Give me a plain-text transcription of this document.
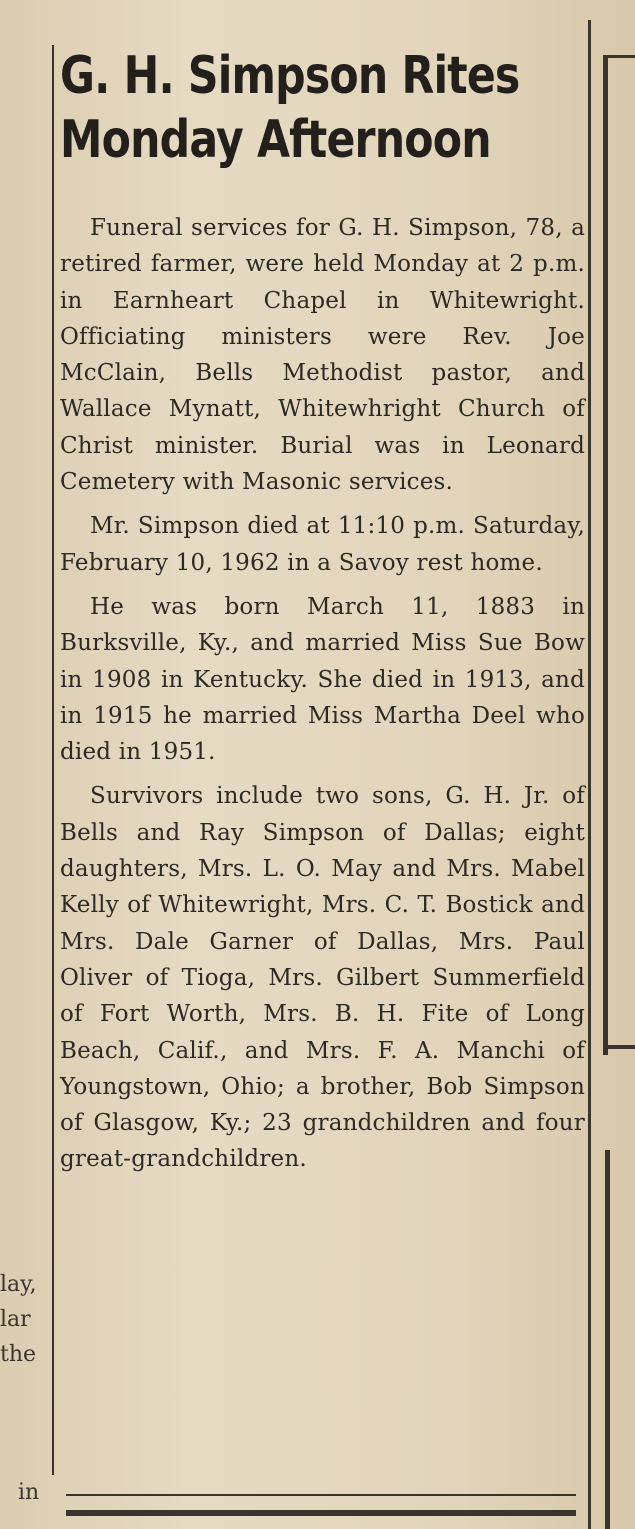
lay,
lar
the
in
G. H. Simpson Rites
Monday Afternoon

Funeral services for G. H. Simpson, 78, a retired farmer, were held Monday at 2 p.m. in Earnheart Chapel in Whitewright. Officiating ministers were Rev. Joe McClain, Bells Methodist pastor, and Wallace Mynatt, Whitewhright Church of Christ minister. Burial was in Leonard Cemetery with Masonic services.

Mr. Simpson died at 11:10 p.m. Saturday, February 10, 1962 in a Savoy rest home.

He was born March 11, 1883 in Burksville, Ky., and married Miss Sue Bow in 1908 in Kentucky. She died in 1913, and in 1915 he married Miss Martha Deel who died in 1951.

Survivors include two sons, G. H. Jr. of Bells and Ray Simpson of Dallas; eight daughters, Mrs. L. O. May and Mrs. Mabel Kelly of Whitewright, Mrs. C. T. Bostick and Mrs. Dale Garner of Dallas, Mrs. Paul Oliver of Tioga, Mrs. Gilbert Summerfield of Fort Worth, Mrs. B. H. Fite of Long Beach, Calif., and Mrs. F. A. Manchi of Youngstown, Ohio; a brother, Bob Simpson of Glasgow, Ky.; 23 grandchildren and four great-grandchildren.
